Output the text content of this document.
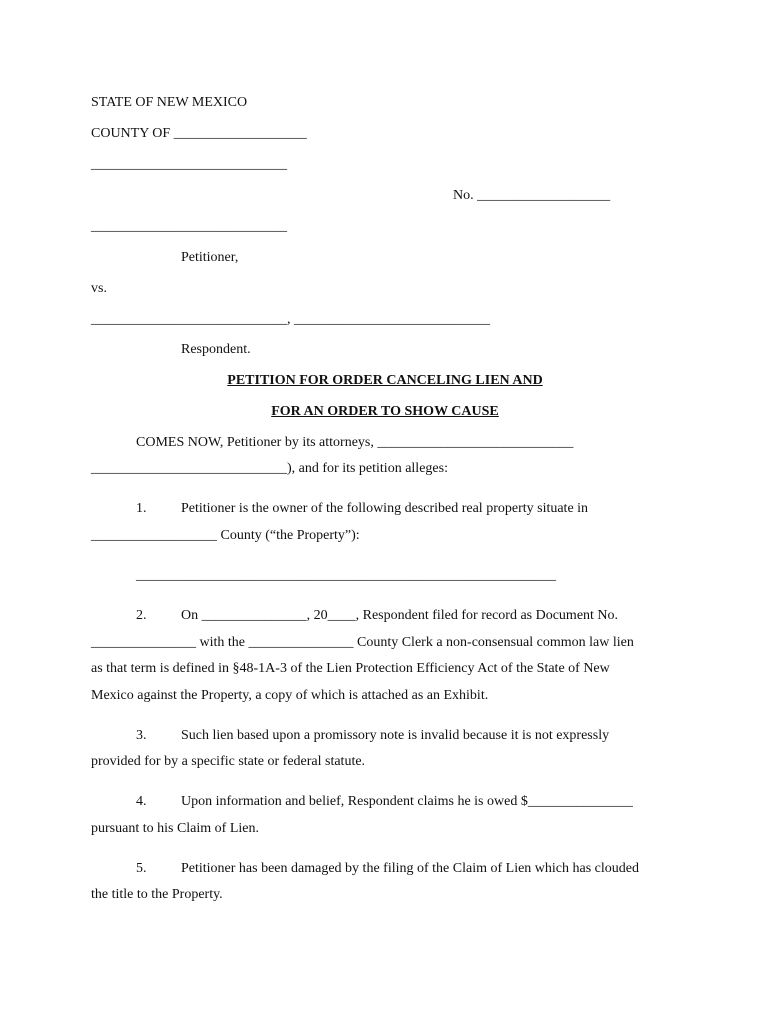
STATE OF NEW MEXICO
COUNTY OF ___________________
____________________________
No. ___________________
____________________________
Petitioner,
vs.
____________________________, ____________________________
Respondent.
PETITION FOR ORDER CANCELING LIEN AND
FOR AN ORDER TO SHOW CAUSE
COMES NOW, Petitioner by its attorneys, ____________________________
____________________________), and for its petition alleges:
1. Petitioner is the owner of the following described real property situate in
__________________ County (“the Property”):
____________________________________________________________
2. On _______________, 20____, Respondent filed for record as Document No.
_______________ with the _______________ County Clerk a non-consensual common law lien
as that term is defined in §48-1A-3 of the Lien Protection Efficiency Act of the State of New
Mexico against the Property, a copy of which is attached as an Exhibit.
3. Such lien based upon a promissory note is invalid because it is not expressly
provided for by a specific state or federal statute.
4. Upon information and belief, Respondent claims he is owed $_______________
pursuant to his Claim of Lien.
5. Petitioner has been damaged by the filing of the Claim of Lien which has clouded
the title to the Property.
